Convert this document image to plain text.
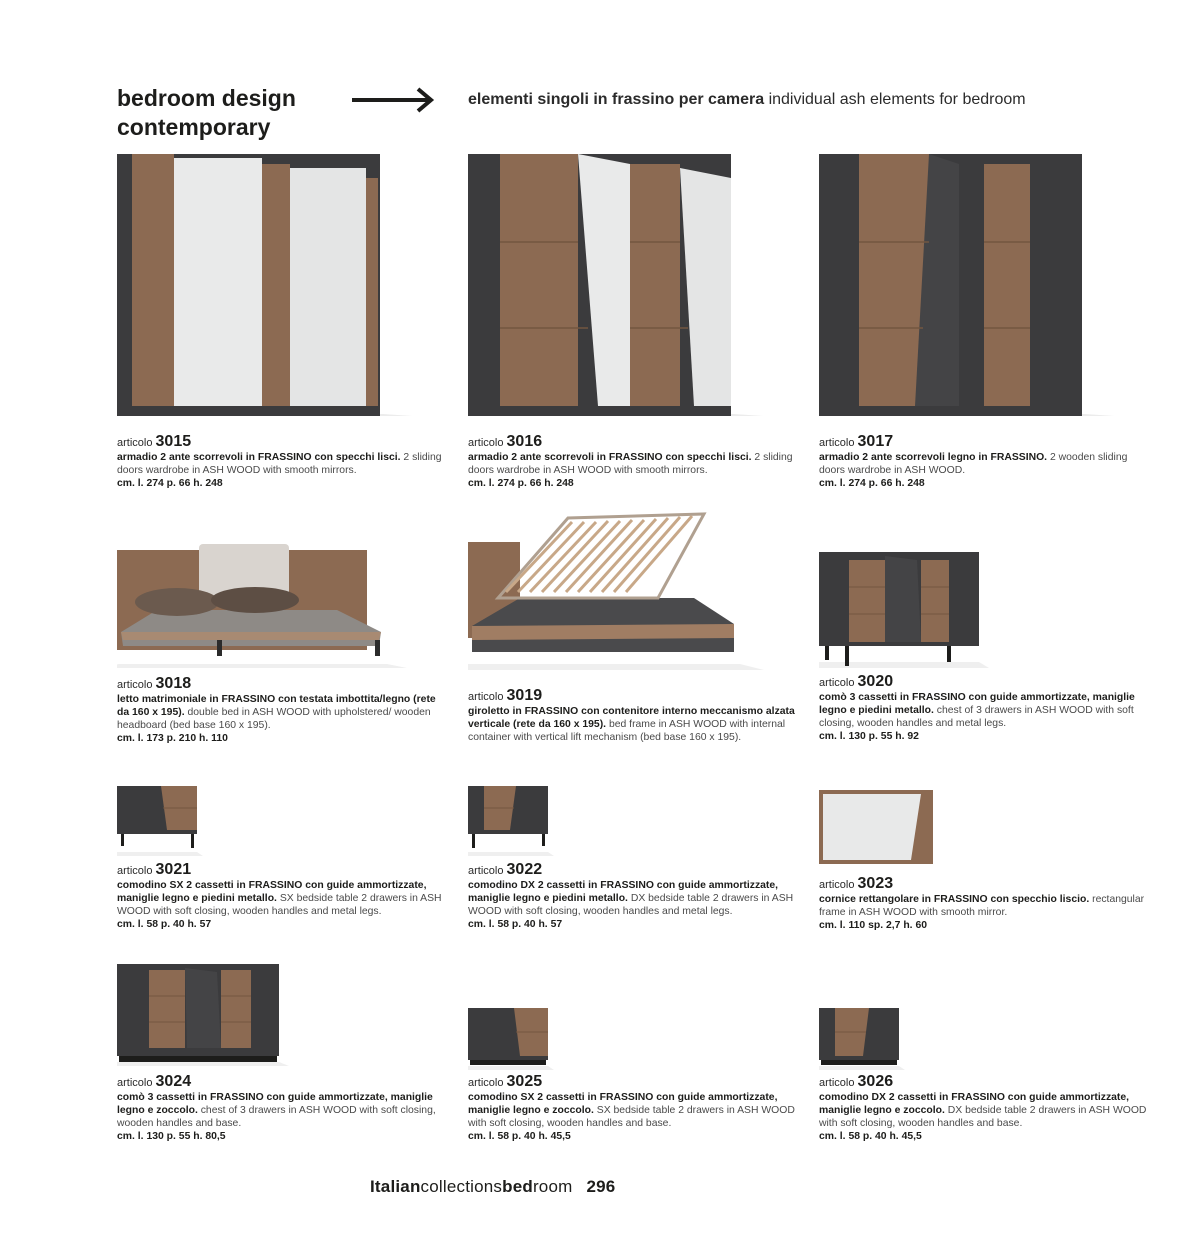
bedroom design
contemporary
elementi singoli in frassino per camera individual ash elements for bedroom
articolo 3015
armadio 2 ante scorrevoli in FRASSINO con specchi lisci. 2 sliding doors wardrobe in ASH WOOD with smooth mirrors.
cm. l. 274 p. 66 h. 248
articolo 3016
armadio 2 ante scorrevoli in FRASSINO con specchi lisci. 2 sliding doors wardrobe in ASH WOOD with smooth mirrors.
cm. l. 274 p. 66 h. 248
articolo 3017
armadio 2 ante scorrevoli legno in FRASSINO. 2 wooden sliding doors wardrobe in ASH WOOD.
cm. l. 274 p. 66 h. 248
articolo 3018
letto matrimoniale in FRASSINO con testata imbottita/legno (rete da 160 x 195). double bed in ASH WOOD with upholstered/ wooden headboard (bed base 160 x 195).
cm. l. 173 p. 210 h. 110
articolo 3019
giroletto in FRASSINO con contenitore interno meccanismo alzata verticale (rete da 160 x 195). bed frame in ASH WOOD with internal container with vertical lift mechanism (bed base 160 x 195).
articolo 3020
comò 3 cassetti in FRASSINO con guide ammortizzate, maniglie legno e piedini metallo. chest of 3 drawers in ASH WOOD with soft closing, wooden handles and metal legs.
cm. l. 130 p. 55 h. 92
articolo 3021
comodino SX 2 cassetti in FRASSINO con guide ammortizzate, maniglie legno e piedini metallo. SX bedside table 2 drawers in ASH WOOD with soft closing, wooden handles and metal legs.
cm. l. 58 p. 40 h. 57
articolo 3022
comodino DX 2 cassetti in FRASSINO con guide ammortizzate, maniglie legno e piedini metallo. DX bedside table 2 drawers in ASH WOOD with soft closing, wooden handles and metal legs.
cm. l. 58 p. 40 h. 57
articolo 3023
cornice rettangolare in FRASSINO con specchio liscio. rectangular frame in ASH WOOD with smooth mirror.
cm. l. 110 sp. 2,7 h. 60
articolo 3024
comò 3 cassetti in FRASSINO con guide ammortizzate, maniglie legno e zoccolo. chest of 3 drawers in ASH WOOD with soft closing, wooden handles and base.
cm. l. 130 p. 55 h. 80,5
articolo 3025
comodino SX 2 cassetti in FRASSINO con guide ammortizzate, maniglie legno e zoccolo. SX bedside table 2 drawers in ASH WOOD with soft closing, wooden handles and base.
cm. l. 58 p. 40 h. 45,5
articolo 3026
comodino DX 2 cassetti in FRASSINO con guide ammortizzate, maniglie legno e zoccolo. DX bedside table 2 drawers in ASH WOOD with soft closing, wooden handles and base.
cm. l. 58 p. 40 h. 45,5
Italiancollectionsbedroom 296
